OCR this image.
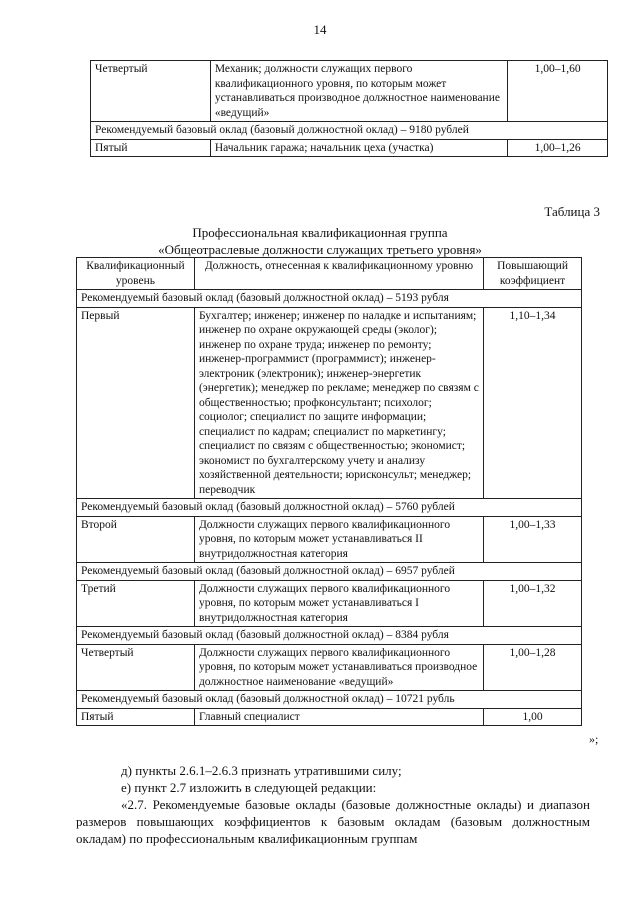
14
Четвертый	Механик; должности служащих первого квалификационного уровня, по которым может устанавливаться производное должностное наименование «ведущий»	1,00–1,60
Рекомендуемый базовый оклад (базовый должностной оклад) – 9180 рублей		
Пятый	Начальник гаража; начальник цеха (участка)	1,00–1,26
Таблица 3
Профессиональная квалификационная группа
«Общеотраслевые должности служащих третьего уровня»
Квалификационный уровень	Должность, отнесенная к квалификационному уровню	Повышающий коэффициент
Рекомендуемый базовый оклад (базовый должностной оклад) – 5193 рубля		
Первый	Бухгалтер; инженер; инженер по наладке и испытаниям; инженер по охране окружающей среды (эколог); инженер по охране труда; инженер по ремонту; инженер-программист (программист); инженер-электроник (электроник); инженер-энергетик (энергетик); менеджер по рекламе; менеджер по связям с общественностью; профконсультант; психолог; социолог; специалист по защите информации; специалист по кадрам; специалист по маркетингу; специалист по связям с общественностью; экономист; экономист по бухгалтерскому учету и анализу хозяйственной деятельности; юрисконсульт; менеджер; переводчик	1,10–1,34
Рекомендуемый базовый оклад (базовый должностной оклад) – 5760 рублей		
Второй	Должности служащих первого квалификационного уровня, по которым может устанавливаться II внутридолжностная категория	1,00–1,33
Рекомендуемый базовый оклад (базовый должностной оклад) – 6957 рублей		
Третий	Должности служащих первого квалификационного уровня, по которым может устанавливаться I внутридолжностная категория	1,00–1,32
Рекомендуемый базовый оклад (базовый должностной оклад) – 8384 рубля		
Четвертый	Должности служащих первого квалификационного уровня, по которым может устанавливаться производное должностное наименование «ведущий»	1,00–1,28
Рекомендуемый базовый оклад (базовый должностной оклад) – 10721 рубль		
Пятый	Главный специалист	1,00
»;

д) пункты 2.6.1–2.6.3 признать утратившими силу;

е) пункт 2.7 изложить в следующей редакции:

«2.7. Рекомендуемые базовые оклады (базовые должностные оклады) и диапазон размеров повышающих коэффициентов к базовым окладам (базовым должностным окладам) по профессиональным квалификационным группам
